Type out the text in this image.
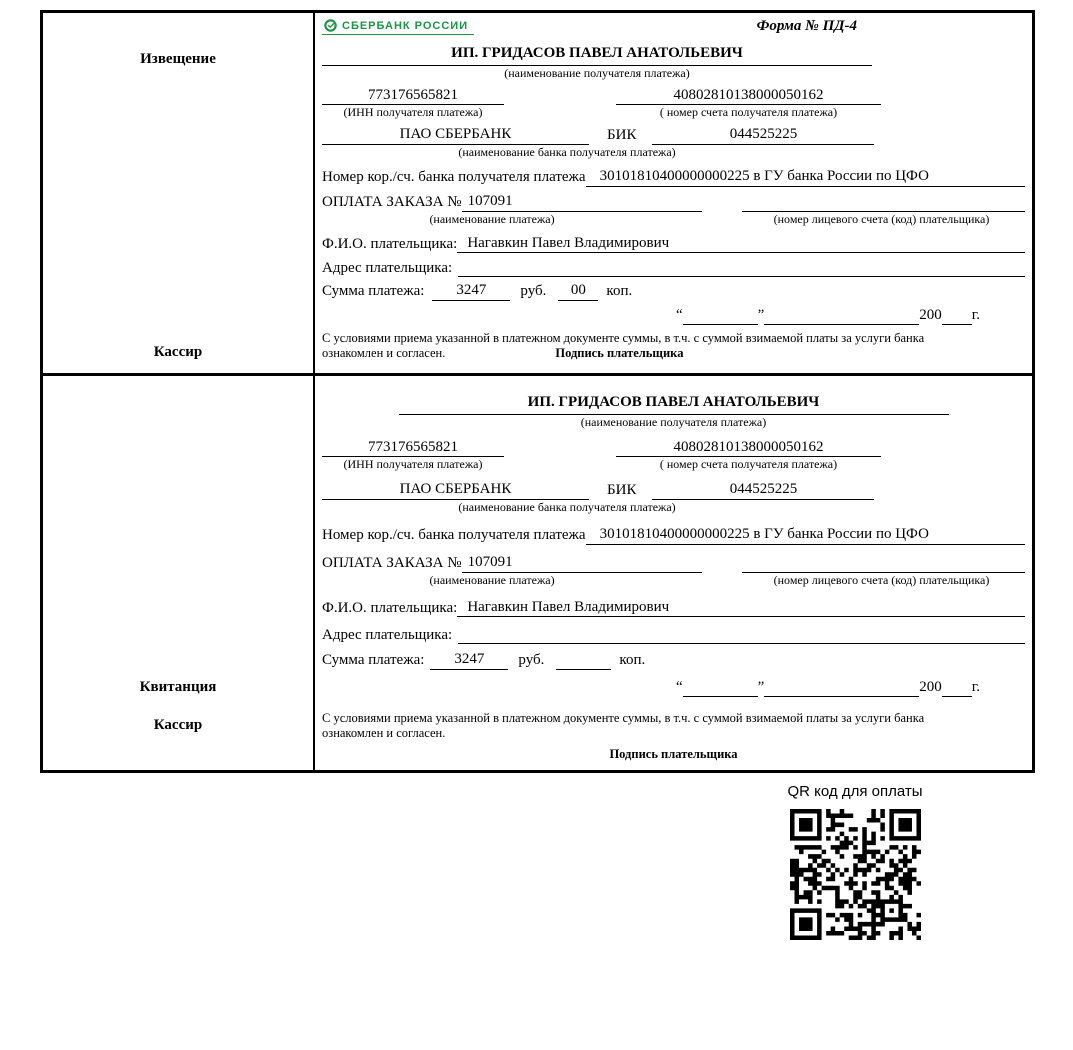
Извещение
Кассир
СБЕРБАНК РОССИИ	Форма № ПД-4
ИП. ГРИДАСОВ ПАВЕЛ АНАТОЛЬЕВИЧ
(наименование получателя платежа)
773176565821	40802810138000050162
(ИНН получателя платежа)	( номер счета получателя платежа)
ПАО СБЕРБАНК	БИК	044525225
(наименование банка получателя платежа)
Номер кор./сч. банка получателя платежа 30101810400000000225 в ГУ банка России по ЦФО
ОПЛАТА ЗАКАЗА № 107091
(наименование платежа)	(номер лицевого счета (код) плательщика)
Ф.И.О. плательщика: Нагавкин Павел Владимирович
Адрес плательщика:
Сумма платежа:	3247	руб.	00	коп.
“	”	200 г.
С условиями приема указанной в платежном документе суммы, в т.ч. с суммой взимаемой платы за услуги банка
ознакомлен и согласен.	Подпись плательщика
Квитанция
Кассир
ИП. ГРИДАСОВ ПАВЕЛ АНАТОЛЬЕВИЧ
(наименование получателя платежа)
773176565821	40802810138000050162
(ИНН получателя платежа)	( номер счета получателя платежа)
ПАО СБЕРБАНК	БИК	044525225
(наименование банка получателя платежа)
Номер кор./сч. банка получателя платежа 30101810400000000225 в ГУ банка России по ЦФО
ОПЛАТА ЗАКАЗА № 107091
(наименование платежа)	(номер лицевого счета (код) плательщика)
Ф.И.О. плательщика: Нагавкин Павел Владимирович
Адрес плательщика:
Сумма платежа:	3247	руб.	коп.
“	”	200 г.
С условиями приема указанной в платежном документе суммы, в т.ч. с суммой взимаемой платы за услуги банка
ознакомлен и согласен.
Подпись плательщика
QR код для оплаты
